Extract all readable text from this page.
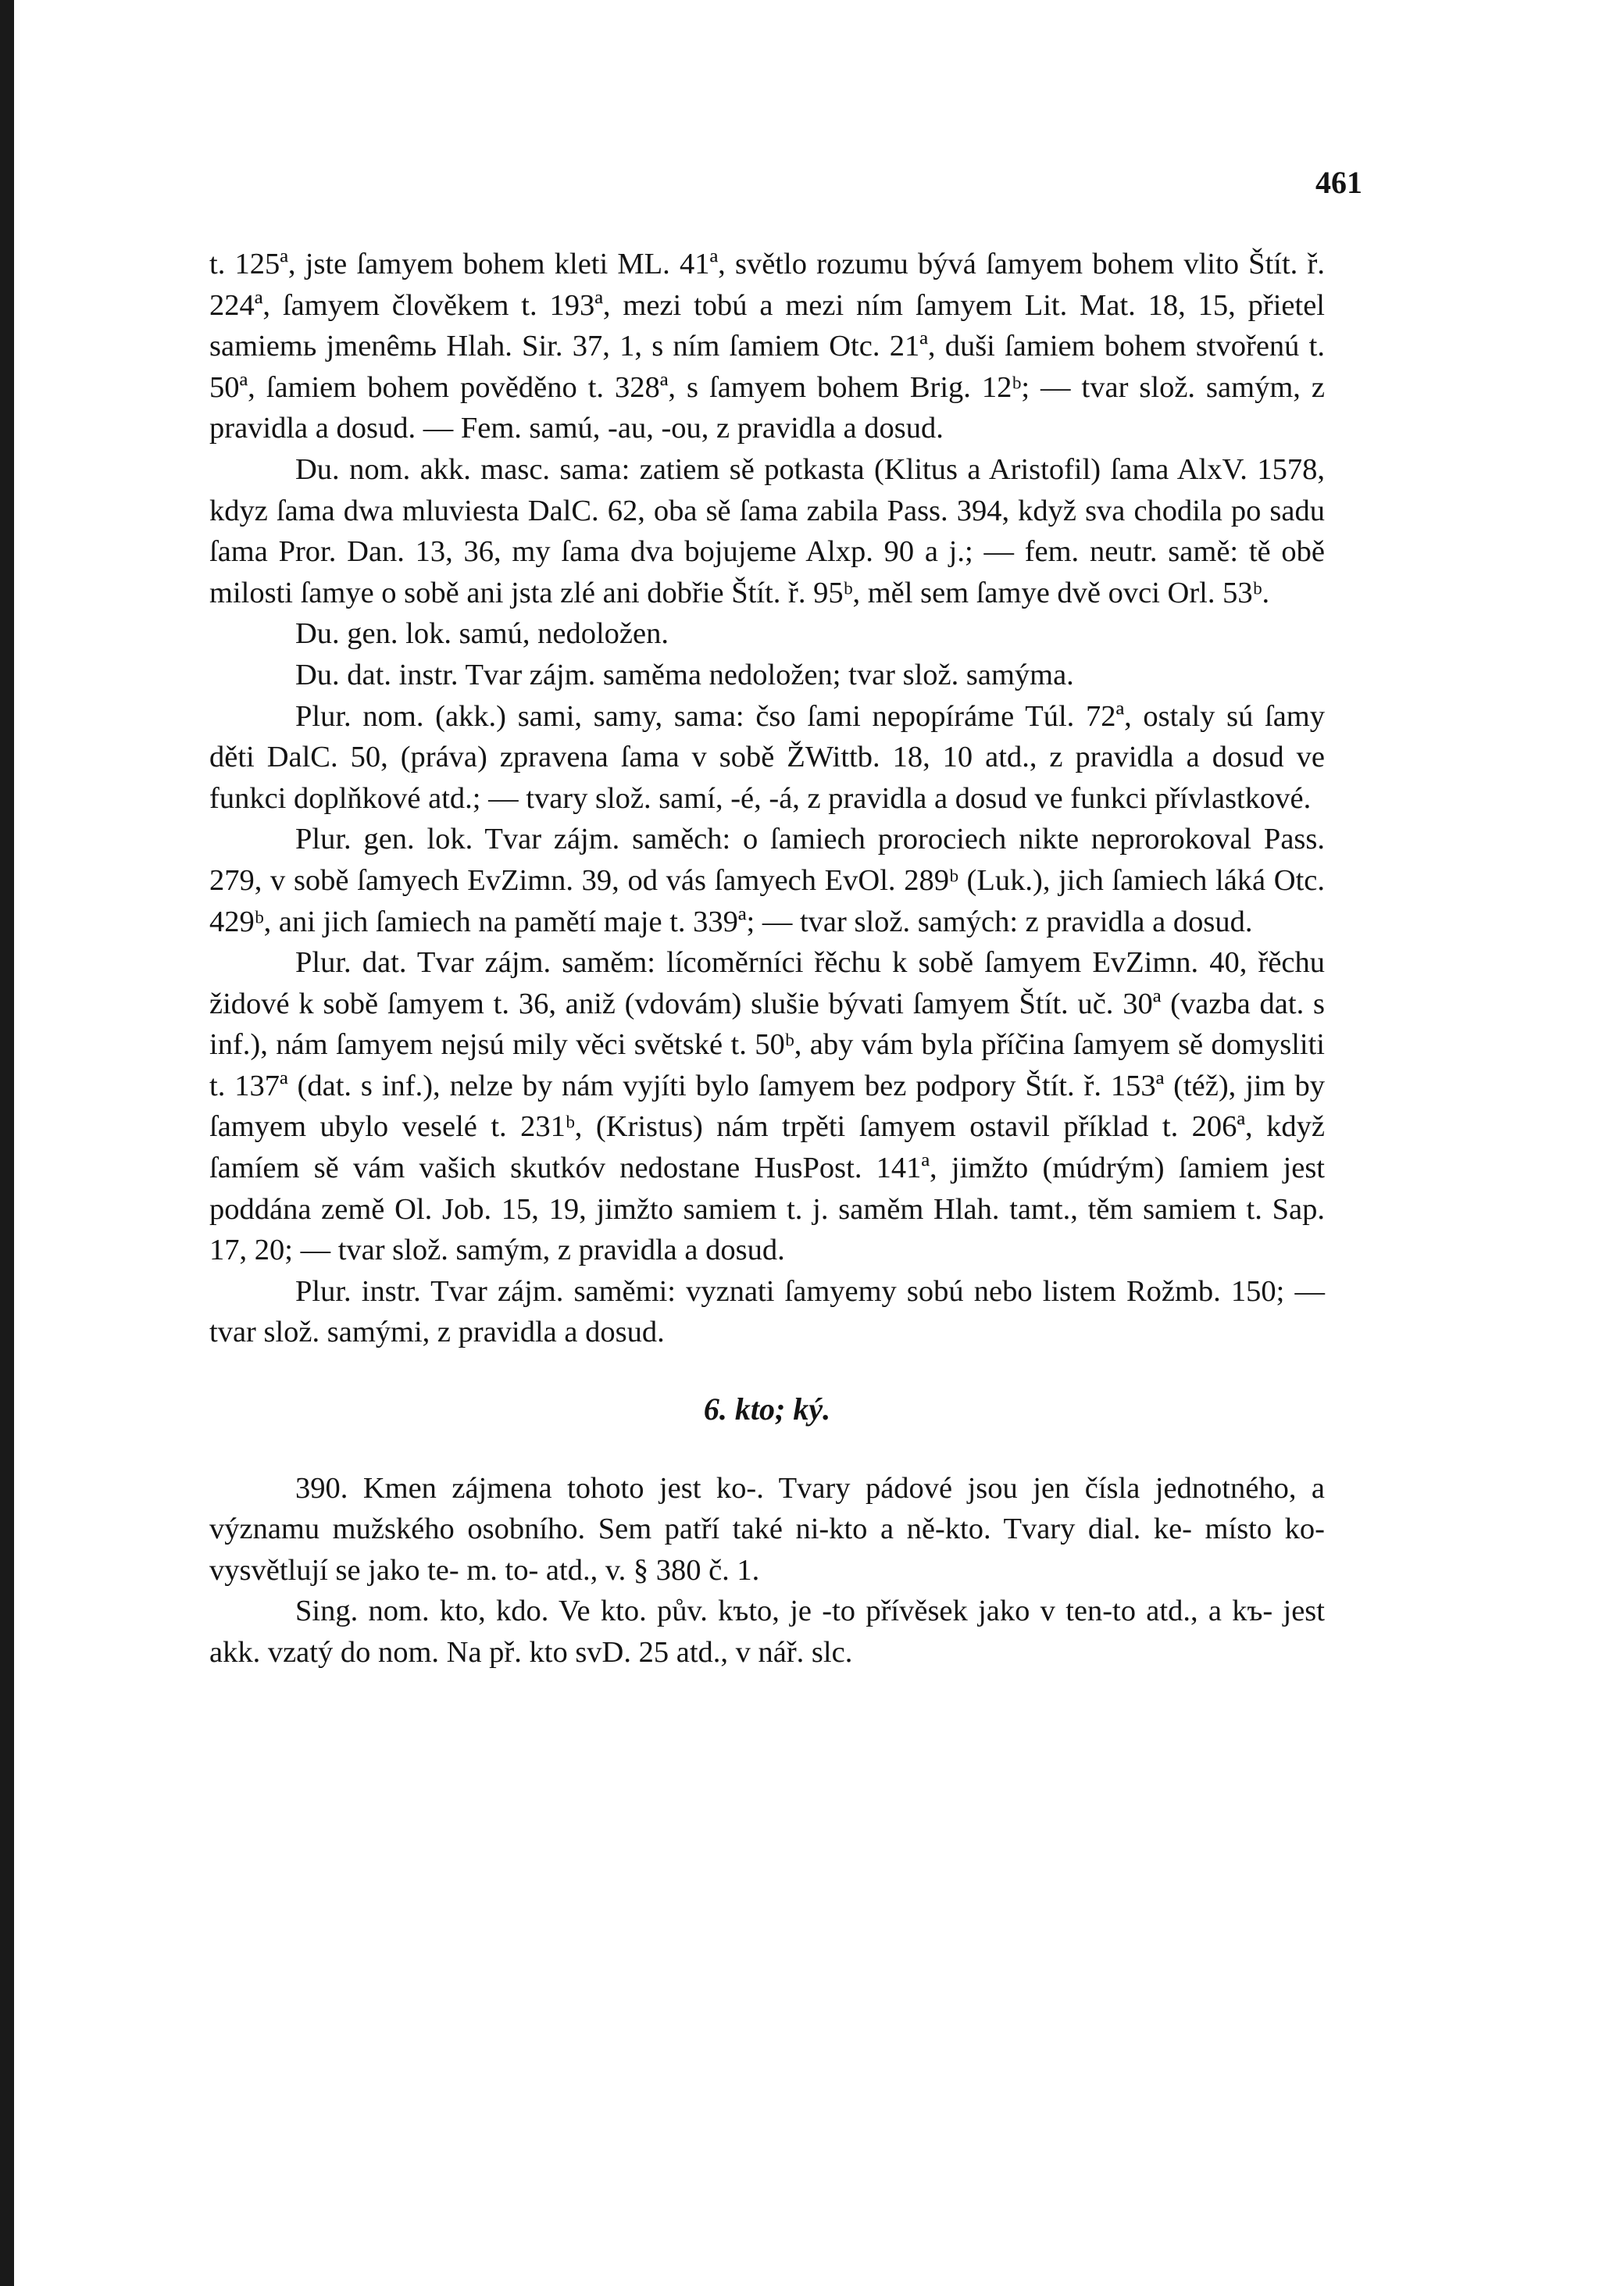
461

t. 125ª, jste ſamyem bohem kleti ML. 41ª, světlo rozumu bývá ſamyem bohem vlito Štít. ř. 224ª, ſamyem člověkem t. 193ª, mezi tobú a mezi ním ſamyem Lit. Mat. 18, 15, přietel samiemь jmenêmь Hlah. Sir. 37, 1, s ním ſamiem Otc. 21ª, duši ſamiem bohem stvořenú t. 50ª, ſamiem bohem pověděno t. 328ª, s ſamyem bohem Brig. 12ᵇ; — tvar slož. samým, z pravidla a dosud. — Fem. samú, -au, -ou, z pravidla a dosud.

Du. nom. akk. masc. sama: zatiem sě potkasta (Klitus a Aristofil) ſama AlxV. 1578, kdyz ſama dwa mluviesta DalC. 62, oba sě ſama zabila Pass. 394, když sva chodila po sadu ſama Pror. Dan. 13, 36, my ſama dva bojujeme Alxp. 90 a j.; — fem. neutr. samě: tě obě milosti ſamye o sobě ani jsta zlé ani dobřie Štít. ř. 95ᵇ, měl sem ſamye dvě ovci Orl. 53ᵇ.

Du. gen. lok. samú, nedoložen.

Du. dat. instr. Tvar zájm. saměma nedoložen; tvar slož. samýma.

Plur. nom. (akk.) sami, samy, sama: čso ſami nepopíráme Túl. 72ª, ostaly sú ſamy děti DalC. 50, (práva) zpravena ſama v sobě ŽWittb. 18, 10 atd., z pravidla a dosud ve funkci doplňkové atd.; — tvary slož. samí, -é, -á, z pravidla a dosud ve funkci přívlastkové.

Plur. gen. lok. Tvar zájm. saměch: o ſamiech prorociech nikte neprorokoval Pass. 279, v sobě ſamyech EvZimn. 39, od vás ſamyech EvOl. 289ᵇ (Luk.), jich ſamiech láká Otc. 429ᵇ, ani jich ſamiech na pamětí maje t. 339ª; — tvar slož. samých: z pravidla a dosud.

Plur. dat. Tvar zájm. saměm: lícoměrníci řěchu k sobě ſamyem EvZimn. 40, řěchu židové k sobě ſamyem t. 36, aniž (vdovám) slušie bývati ſamyem Štít. uč. 30ª (vazba dat. s inf.), nám ſamyem nejsú mily věci světské t. 50ᵇ, aby vám byla příčina ſamyem sě domysliti t. 137ª (dat. s inf.), nelze by nám vyjíti bylo ſamyem bez podpory Štít. ř. 153ª (též), jim by ſamyem ubylo veselé t. 231ᵇ, (Kristus) nám trpěti ſamyem ostavil příklad t. 206ª, když ſamíem sě vám vašich skutkóv nedostane HusPost. 141ª, jimžto (múdrým) ſamiem jest poddána země Ol. Job. 15, 19, jimžto samiem t. j. saměm Hlah. tamt., těm samiem t. Sap. 17, 20; — tvar slož. samým, z pravidla a dosud.

Plur. instr. Tvar zájm. saměmi: vyznati ſamyemy sobú nebo listem Rožmb. 150; — tvar slož. samými, z pravidla a dosud.

6. kto; ký.

390. Kmen zájmena tohoto jest ko-. Tvary pádové jsou jen čísla jednotného, a významu mužského osobního. Sem patří také ni-kto a ně-kto. Tvary dial. ke- místo ko- vysvětlují se jako te- m. to- atd., v. § 380 č. 1.

Sing. nom. kto, kdo. Ve kto. pův. kъto, je -to přívěsek jako v ten-to atd., a kъ- jest akk. vzatý do nom. Na př. kto svD. 25 atd., v nář. slc.
